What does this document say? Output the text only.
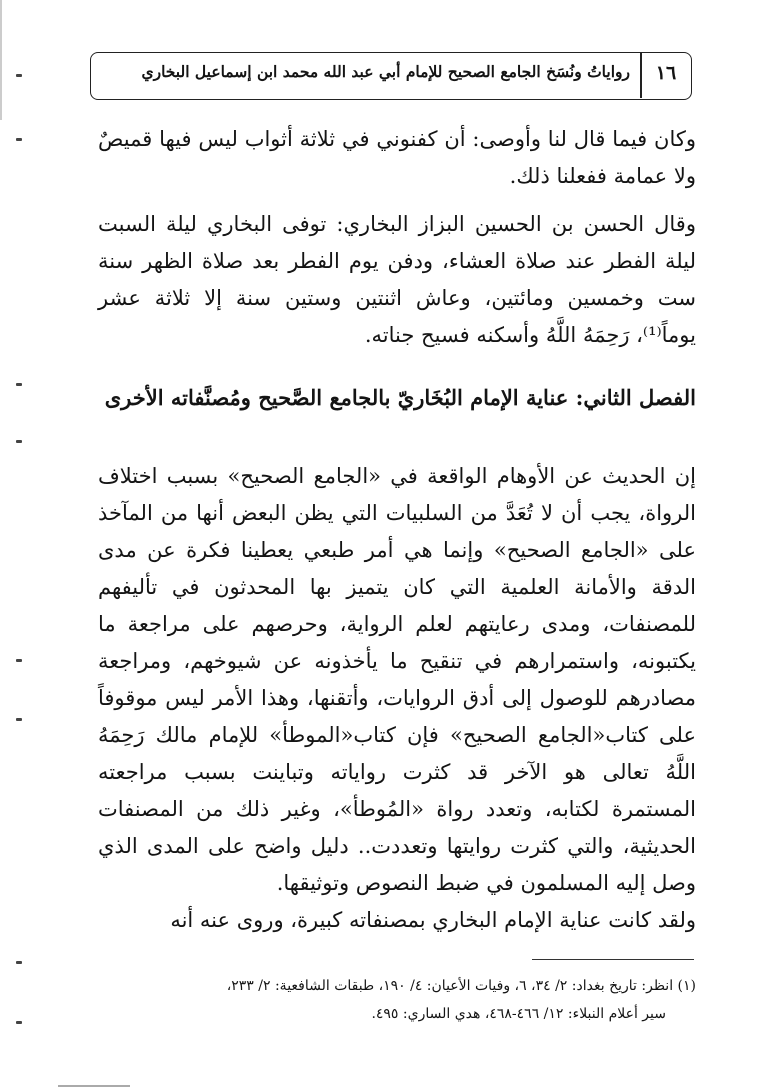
١٦
رواياتُ ونُسَخ الجامع الصحيح للإمام أبي عبد الله محمد ابن إسماعيل البخاري
وكان فيما قال لنا وأوصى: أن كفنوني في ثلاثة أثواب ليس فيها قميصٌ ولا عمامة ففعلنا ذلك.
وقال الحسن بن الحسين البزاز البخاري: توفى البخاري ليلة السبت لیلة الفطر عند صلاة العشاء، ودفن يوم الفطر بعد صلاة الظهر سنة ست وخمسين ومائتين، وعاش اثنتين وستين سنة إلا ثلاثة عشر يوماً⁽¹⁾، رَحِمَهُ اللَّهُ وأسكنه فسيح جناته.
الفصل الثاني: عناية الإمام البُخَاريّ بالجامع الصَّحيح ومُصنَّفاته الأخرى
إن الحديث عن الأوهام الواقعة في «الجامع الصحيح» بسبب اختلاف الرواة، يجب أن لا تُعَدَّ من السلبيات التي يظن البعض أنها من المآخذ على «الجامع الصحيح» وإنما هي أمر طبعي يعطينا فكرة عن مدى الدقة والأمانة العلمية التي كان يتميز بها المحدثون في تأليفهم للمصنفات، ومدى رعايتهم لعلم الرواية، وحرصهم على مراجعة ما يكتبونه، واستمرارهم في تنقيح ما يأخذونه عن شيوخهم، ومراجعة مصادرهم للوصول إلى أدق الروايات، وأتقنها، وهذا الأمر ليس موقوفاً على كتاب«الجامع الصحيح» فإن كتاب«الموطأ» للإمام مالك رَحِمَهُ اللَّهُ تعالى هو الآخر قد كثرت رواياته وتباينت بسبب مراجعته المستمرة لكتابه، وتعدد رواة «المُوطأ»، وغير ذلك من المصنفات الحديثية، والتي كثرت روايتها وتعددت.. دليل واضح على المدى الذي وصل إليه المسلمون في ضبط النصوص وتوثيقها.
ولقد كانت عناية الإمام البخاري بمصنفاته كبيرة، وروى عنه أنه
(١) انظر: تاريخ بغداد: ٢/ ٣٤، ٦، وفيات الأعيان: ٤/ ١٩٠، طبقات الشافعية: ٢/ ٢٣٣،
سير أعلام النبلاء: ١٢/ ٤٦٦-٤٦٨، هدي الساري: ٤٩٥.
